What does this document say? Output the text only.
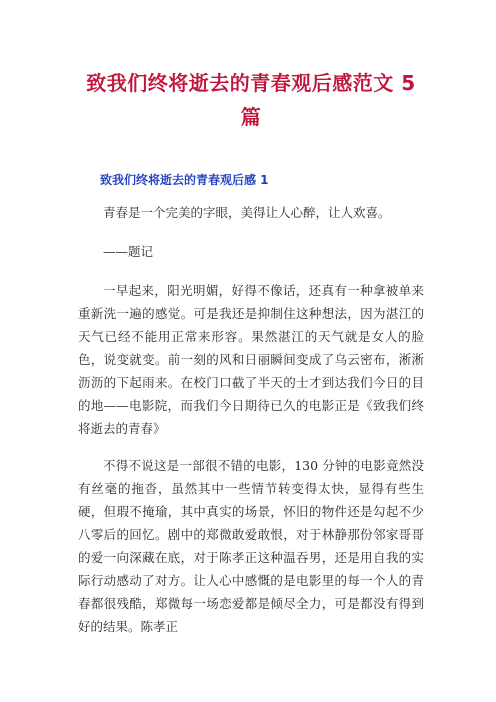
致我们终将逝去的青春观后感范文 5 篇
致我们终将逝去的青春观后感 1

青春是一个完美的字眼，美得让人心醉，让人欢喜。

——题记

一早起来，阳光明媚，好得不像话，还真有一种拿被单来重新洗一遍的感觉。可是我还是抑制住这种想法，因为湛江的天气已经不能用正常来形容。果然湛江的天气就是女人的脸色，说变就变。前一刻的风和日丽瞬间变成了乌云密布，淅淅沥沥的下起雨来。在校门口截了半天的士才到达我们今日的目的地——电影院，而我们今日期待已久的电影正是《致我们终将逝去的青春》

不得不说这是一部很不错的电影，130 分钟的电影竟然没有丝毫的拖沓，虽然其中一些情节转变得太快，显得有些生硬，但瑕不掩瑜，其中真实的场景，怀旧的物件还是勾起不少八零后的回忆。剧中的郑微敢爱敢恨，对于林静那份邻家哥哥的爱一向深藏在底，对于陈孝正这种温吞男，还是用自我的实际行动感动了对方。让人心中感慨的是电影里的每一个人的青春都很残酷，郑微每一场恋爱都是倾尽全力，可是都没有得到好的结果。陈孝正
